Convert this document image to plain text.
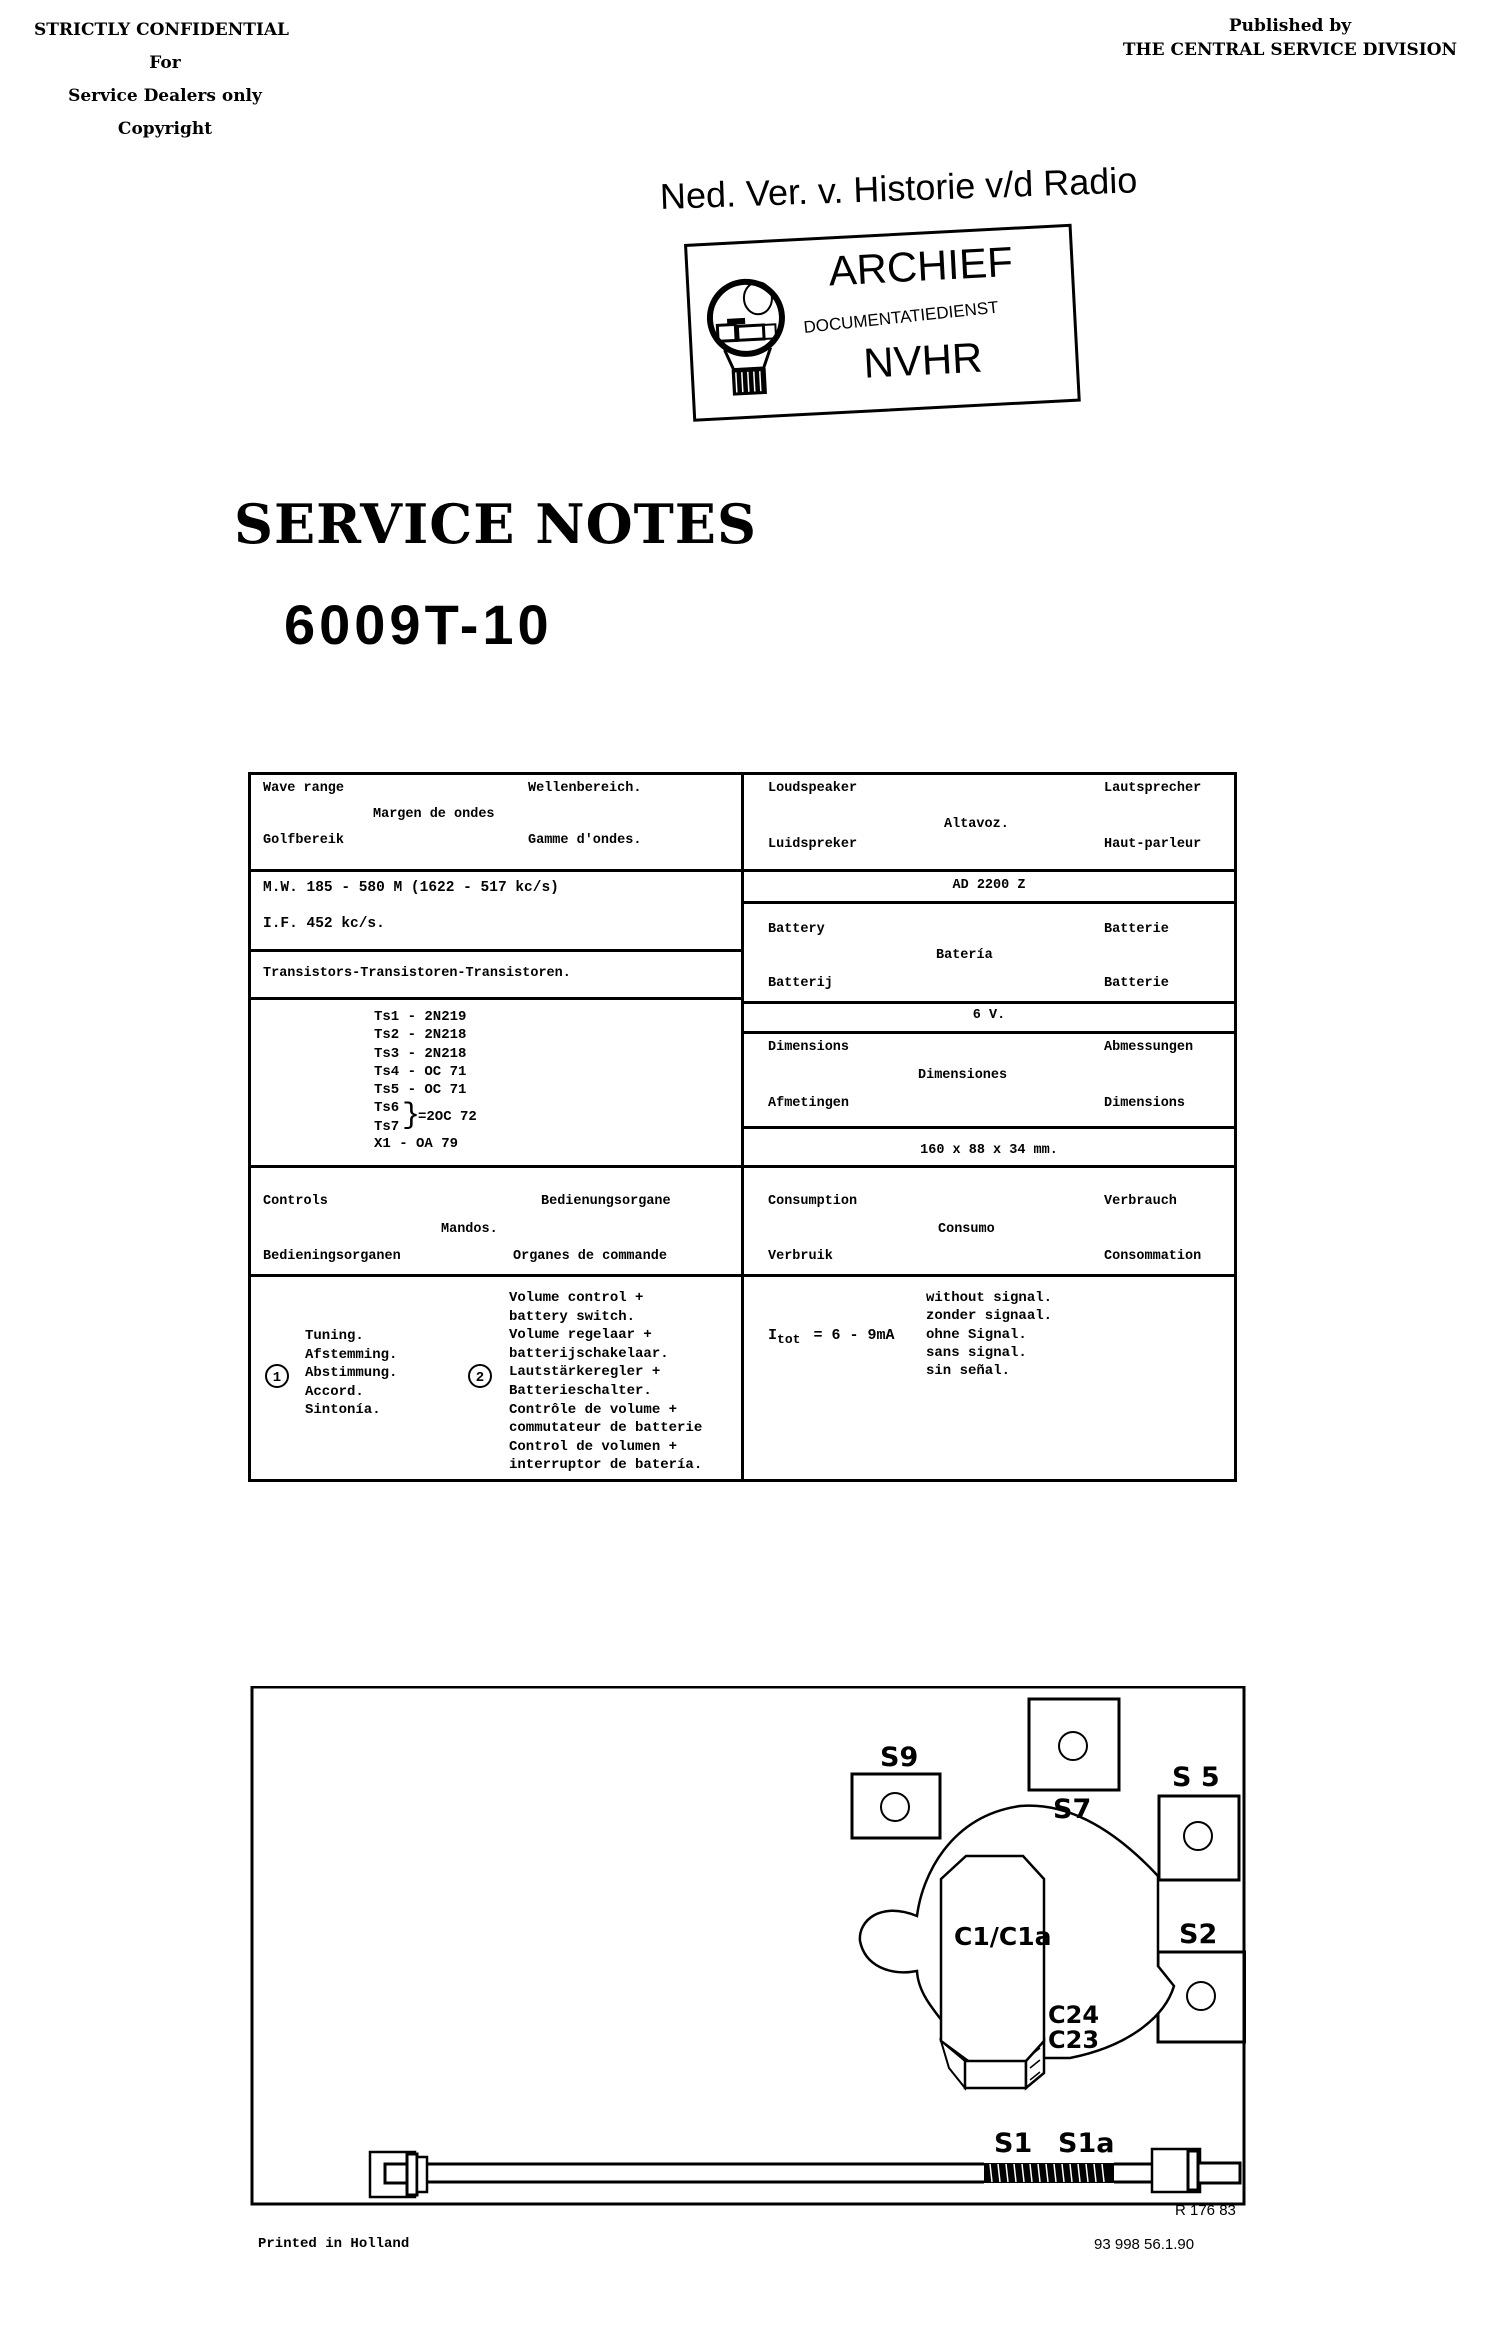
STRICTLY CONFIDENTIAL
For
Service Dealers only
Copyright
Published by
THE CENTRAL SERVICE DIVISION
Ned. Ver. v. Historie v/d Radio
ARCHIEF
DOCUMENTATIEDIENST
NVHR
SERVICE NOTES
6009T-10
Wave range	Wellenbereich.
Margen de ondes
Golfbereik	Gamme d'ondes.
M.W. 185 - 580 M (1622 - 517 kc/s)
I.F. 452 kc/s.
Transistors-Transistoren-Transistoren.
Ts1 - 2N219
Ts2 - 2N218
Ts3 - 2N218
Ts4 - OC 71
Ts5 - OC 71
Ts6
Ts7 }
=2OC 72
X1 - OA 79
Controls	Bedienungsorgane
Mandos.
Bedieningsorganen	Organes de commande
1
Tuning.
Afstemming.
Abstimmung.
Accord.
Sintonía.
2
Volume control +
battery switch.
Volume regelaar +
batterijschakelaar.
Lautstärkeregler +
Batterieschalter.
Contrôle de volume +
commutateur de batterie
Control de volumen +
interruptor de batería.
Loudspeaker	Lautsprecher
Altavoz.
Luidspreker	Haut-parleur
AD 2200 Z
Battery	Batterie
Batería
Batterij	Batterie
6 V.
Dimensions	Abmessungen
Dimensiones
Afmetingen	Dimensions
160 x 88 x 34 mm.
Consumption	Verbrauch
Consumo
Verbruik	Consommation
$I_{tot} = 6 - 9mA$
without signal.
zonder signaal.
ohne Signal.
sans signal.
sin señal.
S9
S7
S 5
S2
C1/C1a
C24
C23
S1 S1a
R 176 83
Printed in Holland	93 998 56.1.90
